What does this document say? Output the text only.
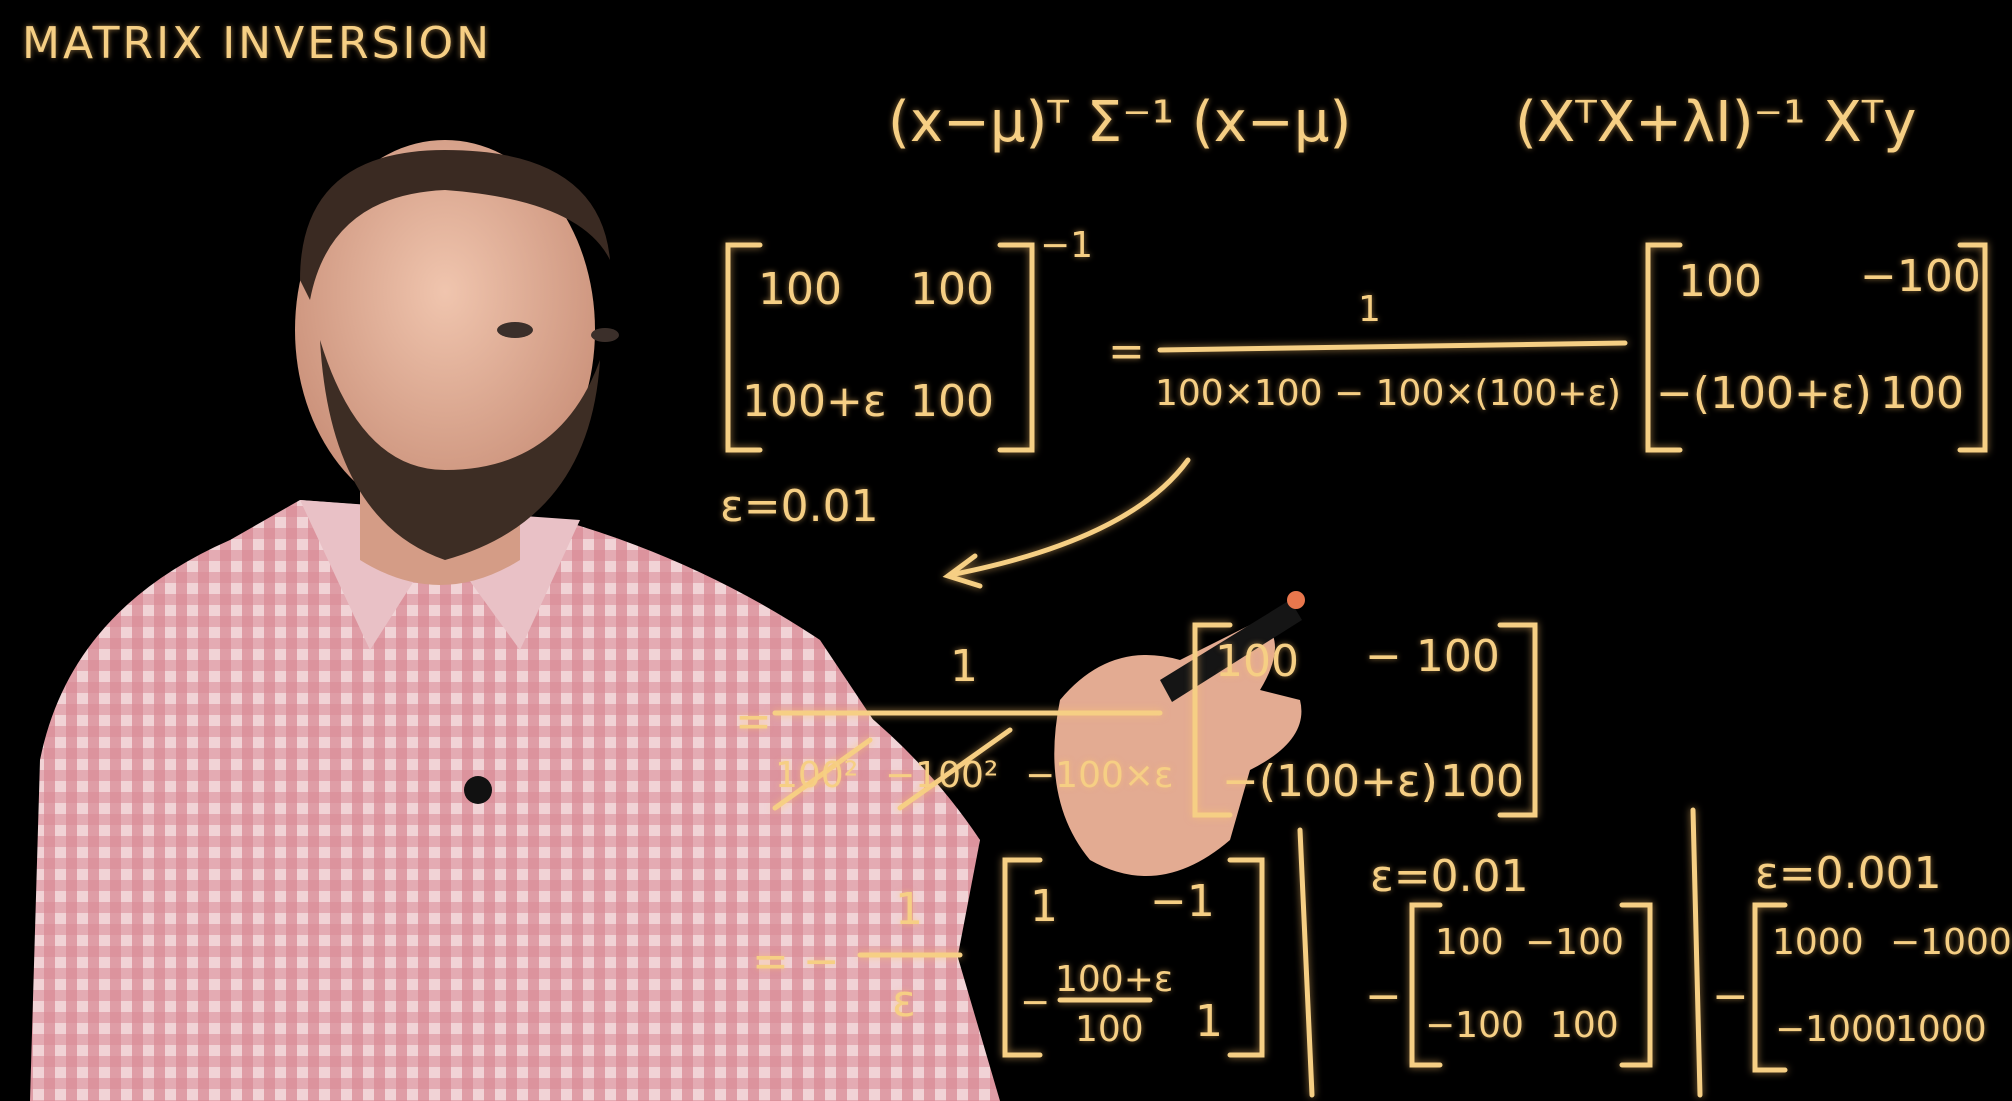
MATRIX INVERSION
(x−μ)ᵀ Σ⁻¹ (x−μ)	(XᵀX+λI)⁻¹ Xᵀy
100 100
100+ε 100
−1
=
1
100×100 − 100×(100+ε)
100 −100
−(100+ε) 100
ε=0.01
=
1
100² −100² −100×ε
100 − 100
−(100+ε) 100
= −
1
ε
1 −1
−
100+ε
100 1
ε=0.01
−
100 −100
−100 100
ε=0.001
−
1000 −1000
−1000
1000
